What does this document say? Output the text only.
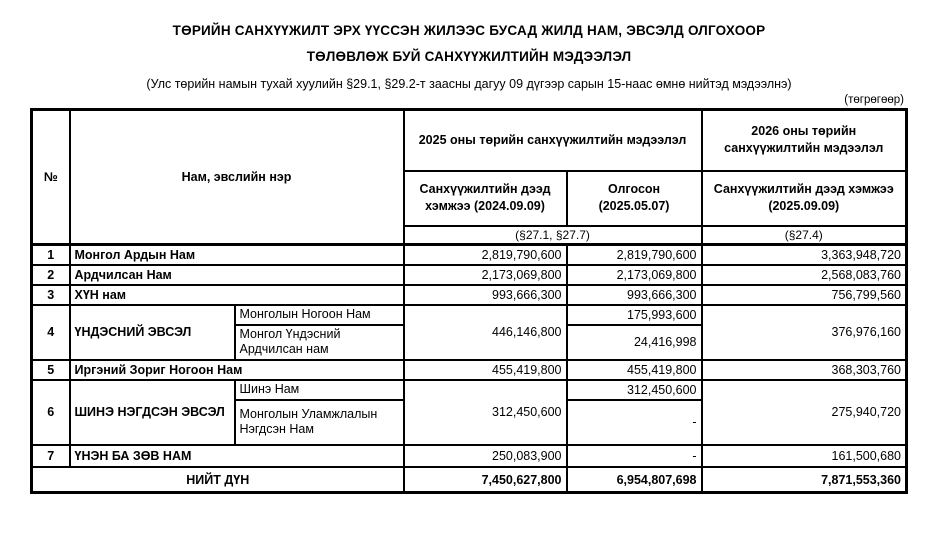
ТӨРИЙН САНХҮҮЖИЛТ ЭРХ ҮҮССЭН ЖИЛЭЭС БУСАД ЖИЛД НАМ, ЭВСЭЛД ОЛГОХООР
ТӨЛӨВЛӨЖ БУЙ САНХҮҮЖИЛТИЙН МЭДЭЭЛЭЛ
(Улс төрийн намын тухай хуулийн §29.1, §29.2-т заасны дагуу 09 дүгээр сарын 15-наас өмнө нийтэд мэдээлнэ)
(төгрөгөөр)
№	Нам, эвслийн нэр		2025 оны төрийн санхүүжилтийн мэдээлэл		2026 оны төрийн санхүүжилтийн мэдээлэл
			Санхүүжилтийн дээд хэмжээ (2024.09.09)	Олгосон (2025.05.07)	Санхүүжилтийн дээд хэмжээ (2025.09.09)
			(§27.1, §27.7)		(§27.4)
1	Монгол Ардын Нам		2,819,790,600	2,819,790,600	3,363,948,720
2	Ардчилсан Нам		2,173,069,800	2,173,069,800	2,568,083,760
3	ХҮН нам		993,666,300	993,666,300	756,799,560
4	ҮНДЭСНИЙ ЭВСЭЛ	Монголын Ногоон Нам	446,146,800	175,993,600	376,976,160
		Монгол Үндэсний Ардчилсан нам		24,416,998	
5	Иргэний Зориг Ногоон Нам		455,419,800	455,419,800	368,303,760
6	ШИНЭ НЭГДСЭН ЭВСЭЛ	Шинэ Нам	312,450,600	312,450,600	275,940,720
		Монголын Уламжлалын Нэгдсэн Нам		-	
7	ҮНЭН БА ЗӨВ НАМ		250,083,900	-	161,500,680
НИЙТ ДҮН			7,450,627,800	6,954,807,698	7,871,553,360
